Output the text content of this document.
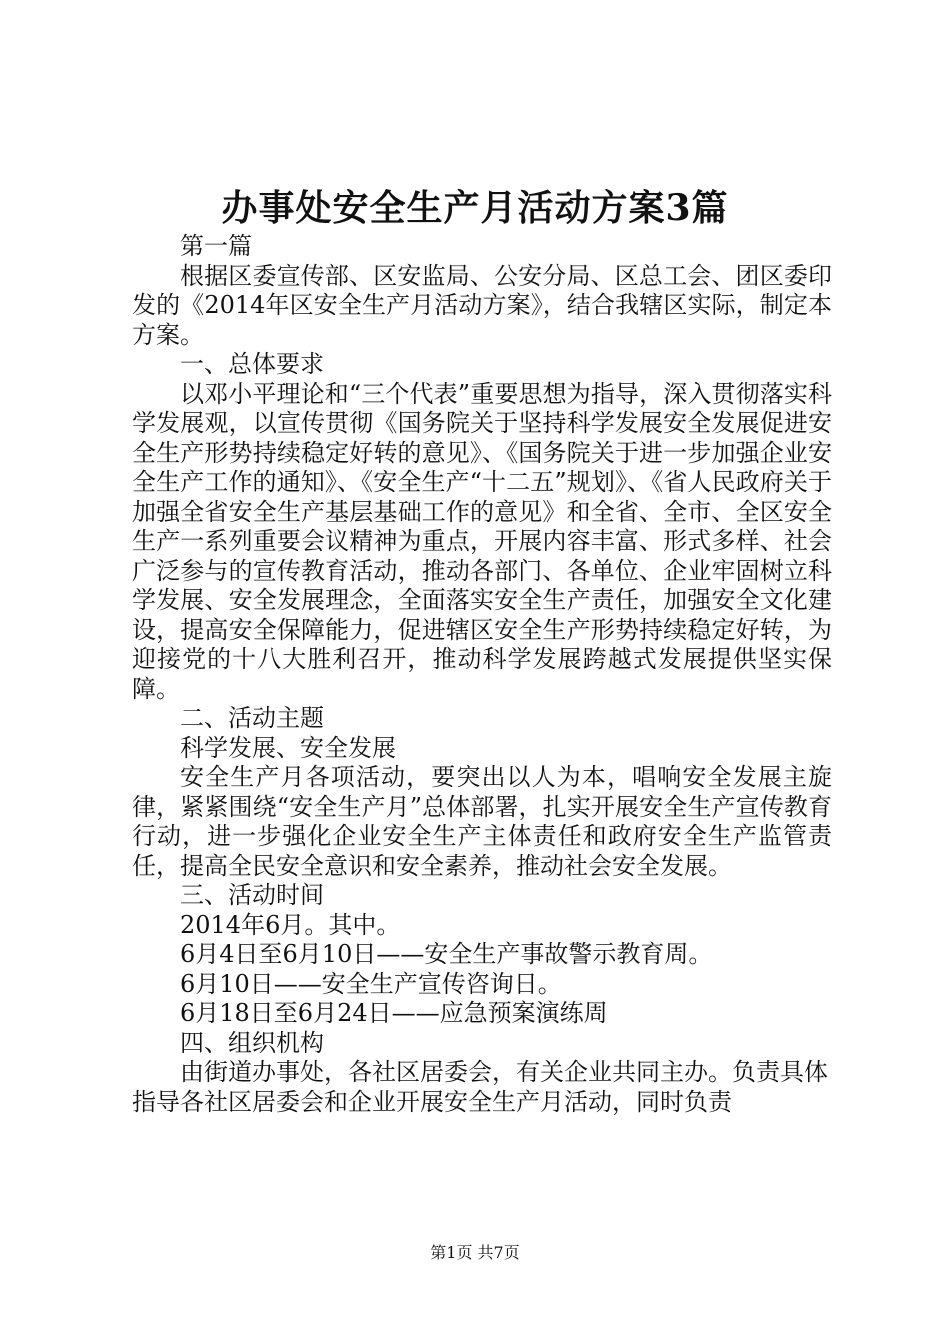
办事处安全生产月活动方案3篇

第一篇

根据区委宣传部、区安监局、公安分局、区总工会、团区委印发的《2014年区安全生产月活动方案》，结合我辖区实际，制定本方案。

一、总体要求

以邓小平理论和“三个代表”重要思想为指导，深入贯彻落实科学发展观，以宣传贯彻《国务院关于坚持科学发展安全发展促进安全生产形势持续稳定好转的意见》、《国务院关于进一步加强企业安全生产工作的通知》、《安全生产“十二五”规划》、《省人民政府关于加强全省安全生产基层基础工作的意见》和全省、全市、全区安全生产一系列重要会议精神为重点，开展内容丰富、形式多样、社会广泛参与的宣传教育活动，推动各部门、各单位、企业牢固树立科学发展、安全发展理念，全面落实安全生产责任，加强安全文化建设，提高安全保障能力，促进辖区安全生产形势持续稳定好转，为迎接党的十八大胜利召开，推动科学发展跨越式发展提供坚实保障。

二、活动主题

科学发展、安全发展

安全生产月各项活动，要突出以人为本，唱响安全发展主旋律，紧紧围绕“安全生产月”总体部署，扎实开展安全生产宣传教育行动，进一步强化企业安全生产主体责任和政府安全生产监管责任，提高全民安全意识和安全素养，推动社会安全发展。

三、活动时间

2014年6月。其中。

6月4日至6月10日——安全生产事故警示教育周。

6月10日——安全生产宣传咨询日。

6月18日至6月24日——应急预案演练周

四、组织机构

由街道办事处，各社区居委会，有关企业共同主办。负责具体指导各社区居委会和企业开展安全生产月活动，同时负责

第1页 共7页
